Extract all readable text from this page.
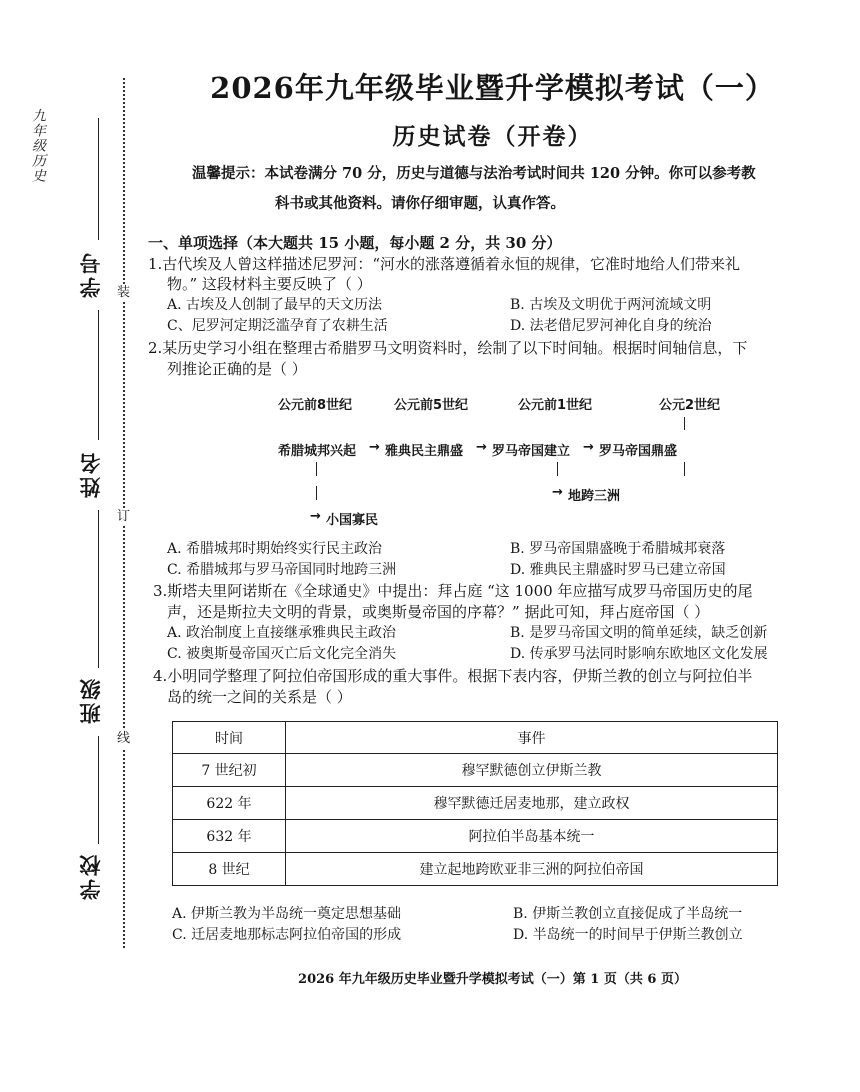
九年级历史
学号
姓名
班级
学校
装
订
线
2026年九年级毕业暨升学模拟考试（一）
历史试卷（开卷）
温馨提示：本试卷满分 70 分，历史与道德与法治考试时间共 120 分钟。你可以参考教
科书或其他资料。请你仔细审题，认真作答。
一、单项选择（本大题共 15 小题，每小题 2 分，共 30 分）
1.古代埃及人曾这样描述尼罗河：“河水的涨落遵循着永恒的规律，它准时地给人们带来礼
物。” 这段材料主要反映了（ ）
A. 古埃及人创制了最早的天文历法	B. 古埃及文明优于两河流域文明
C、尼罗河定期泛滥孕育了农耕生活	D. 法老借尼罗河神化自身的统治
2.某历史学习小组在整理古希腊罗马文明资料时，绘制了以下时间轴。根据时间轴信息，下
列推论正确的是（ ）
公元前8世纪	公元前5世纪	公元前1世纪	公元2世纪
希腊城邦兴起 → 雅典民主鼎盛 → 罗马帝国建立 → 罗马帝国鼎盛
→ 地跨三洲
→ 小国寡民
A. 希腊城邦时期始终实行民主政治	B. 罗马帝国鼎盛晚于希腊城邦衰落
C. 希腊城邦与罗马帝国同时地跨三洲	D. 雅典民主鼎盛时罗马已建立帝国
3.斯塔夫里阿诺斯在《全球通史》中提出：拜占庭 “这 1000 年应描写成罗马帝国历史的尾
声，还是斯拉夫文明的背景，或奥斯曼帝国的序幕？” 据此可知，拜占庭帝国（ ）
A. 政治制度上直接继承雅典民主政治	B. 是罗马帝国文明的简单延续，缺乏创新
C. 被奥斯曼帝国灭亡后文化完全消失	D. 传承罗马法同时影响东欧地区文化发展
4.小明同学整理了阿拉伯帝国形成的重大事件。根据下表内容，伊斯兰教的创立与阿拉伯半
岛的统一之间的关系是（ ）
时间	事件
7 世纪初	穆罕默德创立伊斯兰教
622 年	穆罕默德迁居麦地那，建立政权
632 年	阿拉伯半岛基本统一
8 世纪	建立起地跨欧亚非三洲的阿拉伯帝国
A. 伊斯兰教为半岛统一奠定思想基础	B. 伊斯兰教创立直接促成了半岛统一
C. 迁居麦地那标志阿拉伯帝国的形成	D. 半岛统一的时间早于伊斯兰教创立
2026 年九年级历史毕业暨升学模拟考试（一）第 1 页（共 6 页）
